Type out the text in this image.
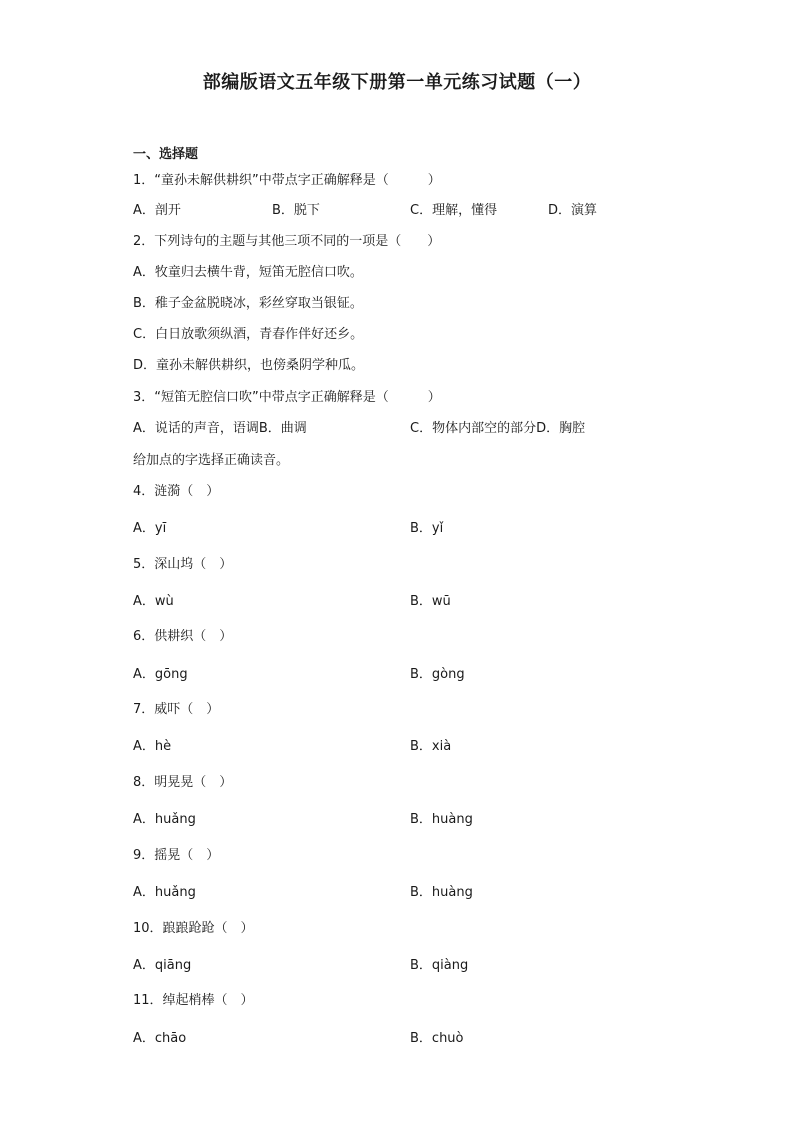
部编版语文五年级下册第一单元练习试题（一）
一、选择题
1．“童孙未解供耕织”中带点字正确解释是（　　　）
A．剖开	B．脱下	C．理解，懂得	D．演算
2．下列诗句的主题与其他三项不同的一项是（　　）
A．牧童归去横牛背，短笛无腔信口吹。
B．稚子金盆脱晓冰，彩丝穿取当银钲。
C．白日放歌须纵酒，青春作伴好还乡。
D．童孙未解供耕织，也傍桑阴学种瓜。
3．“短笛无腔信口吹”中带点字正确解释是（　　　）
A．说话的声音，语调B．曲调	C．物体内部空的部分D．胸腔
给加点的字选择正确读音。
4．涟漪（　）
A．yī	B．yǐ
5．深山坞（　）
A．wù	B．wū
6．供耕织（　）
A．gōng	B．gòng
7．威吓（　）
A．hè	B．xià
8．明晃晃（　）
A．huǎng	B．huàng
9．摇晃（　）
A．huǎng	B．huàng
10．踉踉跄跄（　）
A．qiāng	B．qiàng
11．绰起梢棒（　）
A．chāo	B．chuò
